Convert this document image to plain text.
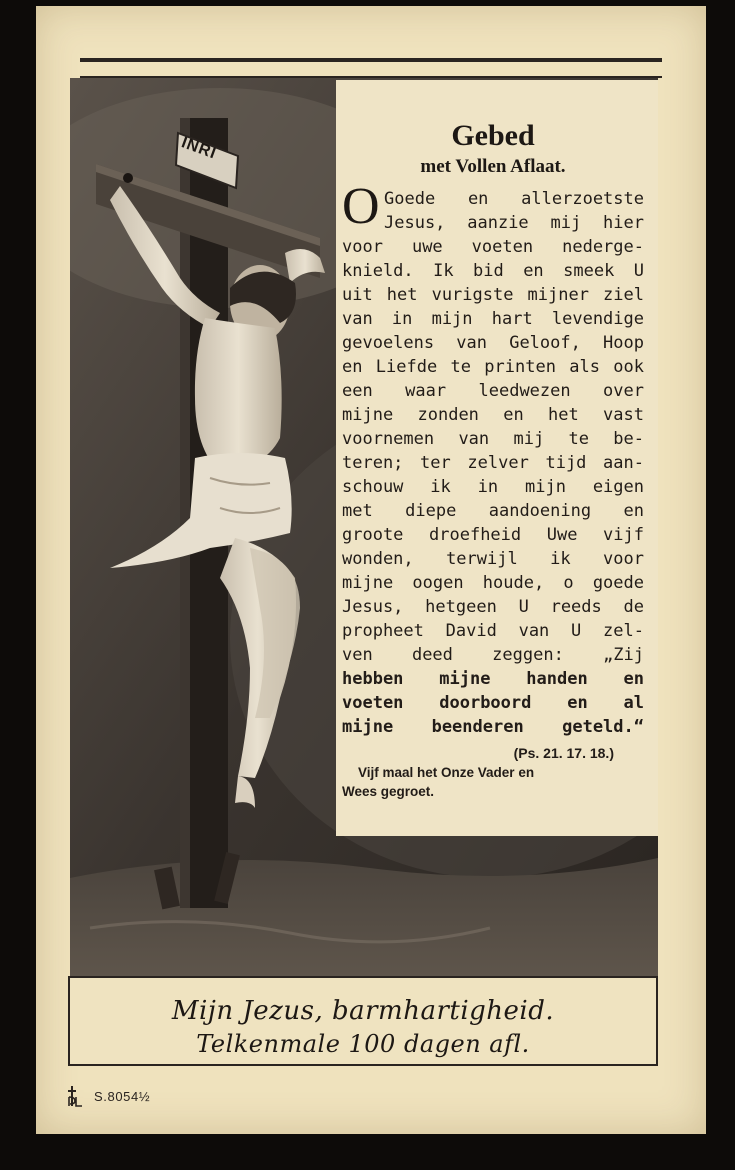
INRI	Gebed
met Vollen Aflaat.
O Goede en allerzoetste
Jesus, aanzie mij hier
voor uwe voeten nederge-
knield. Ik bid en smeek U
uit het vurigste mijner ziel
van in mijn hart levendige
gevoelens van Geloof, Hoop
en Liefde te printen als ook
een waar leedwezen over
mijne zonden en het vast
voornemen van mij te be-
teren; ter zelver tijd aan-
schouw ik in mijn eigen
met diepe aandoening en
groote droefheid Uwe vijf
wonden, terwijl ik voor
mijne oogen houde, o goede
Jesus, hetgeen U reeds de
propheet David van U zel-
ven deed zeggen: „Zij
hebben mijne handen en
voeten doorboord en al
mijne beenderen geteld.“
(Ps. 21. 17. 18.)
Vijf maal het Onze Vader en
Wees gegroet.
Mijn Jezus, barmhartigheid.
Telkenmale 100 dagen afl.
S.8054½
